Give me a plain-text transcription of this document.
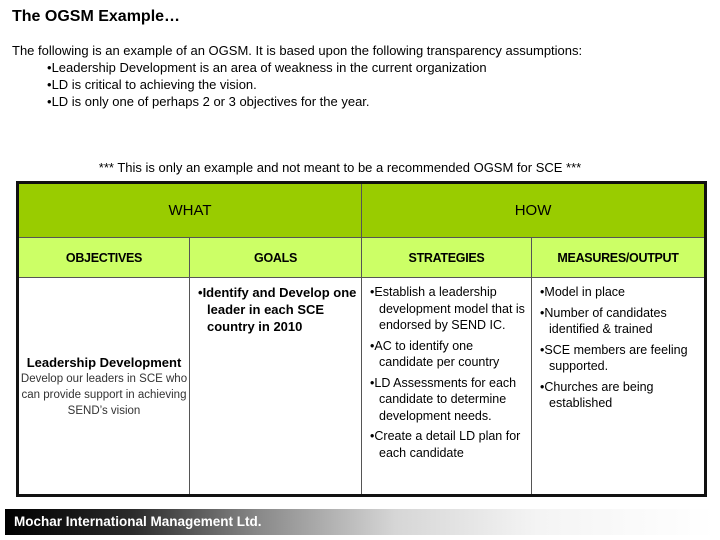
The OGSM Example…
The following is an example of an OGSM. It is based upon the following transparency assumptions:
• Leadership Development is an area of weakness in the current organization
• LD is critical to achieving the vision.
• LD is only one of perhaps 2 or 3 objectives for the year.
*** This is only an example and not meant to be a recommended OGSM for SCE ***
WHAT		HOW	
OBJECTIVES	GOALS	STRATEGIES	MEASURES/OUTPUT

Leadership Development
Develop our leaders in SCE who can provide support in achieving SEND’s vision

• Identify and Develop one leader in each SCE country in 2010

• Establish a leadership development model that is endorsed by SEND IC.
• AC to identify one candidate per country
• LD Assessments for each candidate to determine development needs.
• Create a detail LD plan for each candidate

• Model in place
• Number of candidates identified & trained
• SCE members are feeling supported.
• Churches are being established
Mochar International Management Ltd.
